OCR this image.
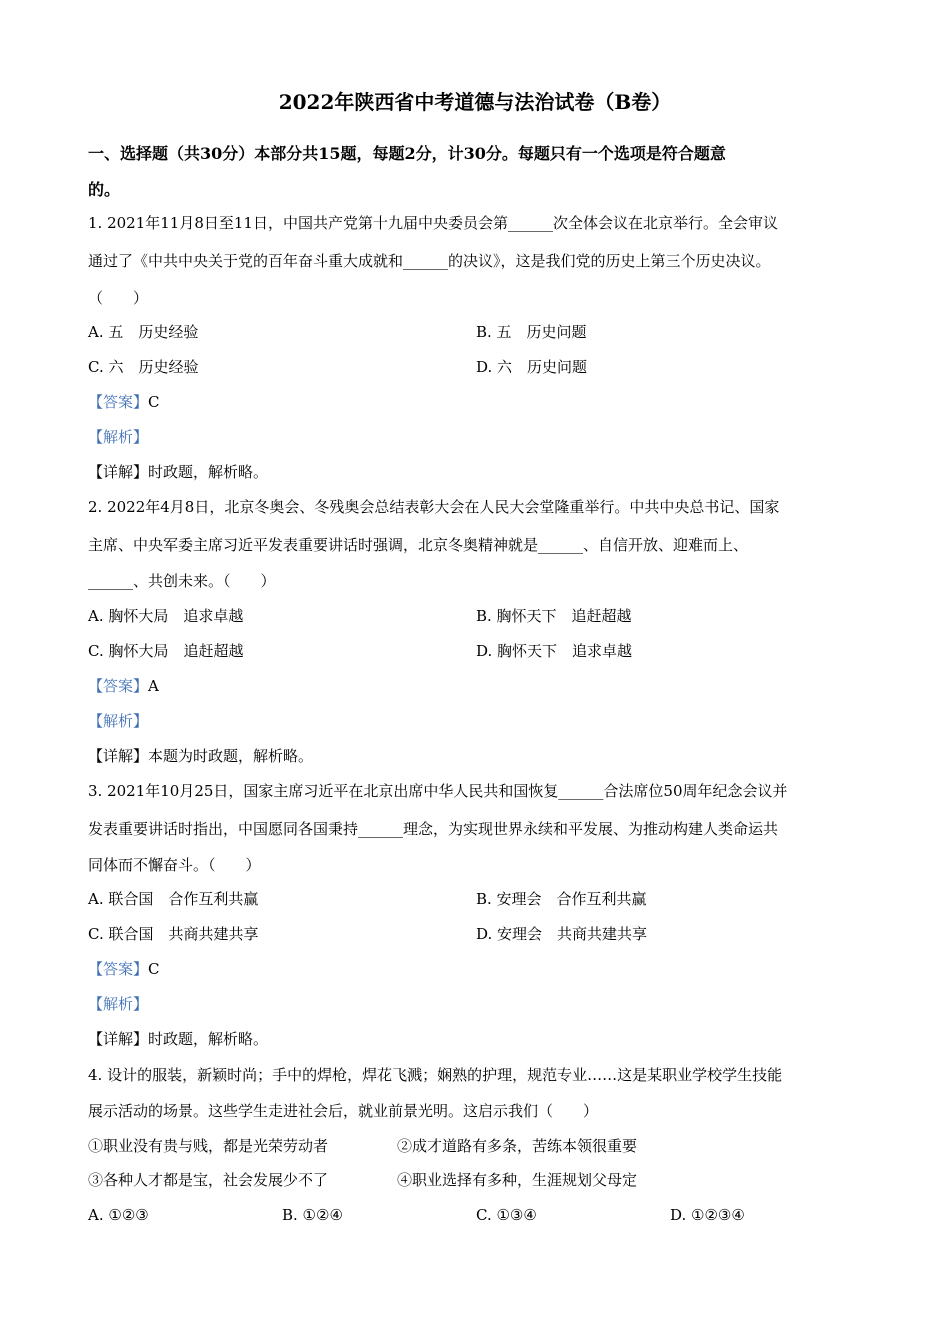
2022年陕西省中考道德与法治试卷（B卷）
一、选择题（共30分）本部分共15题，每题2分，计30分。每题只有一个选项是符合题意
的。
1. 2021年11月8日至11日，中国共产党第十九届中央委员会第______次全体会议在北京举行。全会审议
通过了《中共中央关于党的百年奋斗重大成就和______的决议》，这是我们党的历史上第三个历史决议。
（　　）
A. 五　历史经验	B. 五　历史问题
C. 六　历史经验	D. 六　历史问题
【答案】C
【解析】
【详解】时政题，解析略。
2. 2022年4月8日，北京冬奥会、冬残奥会总结表彰大会在人民大会堂隆重举行。中共中央总书记、国家
主席、中央军委主席习近平发表重要讲话时强调，北京冬奥精神就是______、自信开放、迎难而上、
______、共创未来。（　　）
A. 胸怀大局　追求卓越	B. 胸怀天下　追赶超越
C. 胸怀大局　追赶超越	D. 胸怀天下　追求卓越
【答案】A
【解析】
【详解】本题为时政题，解析略。
3. 2021年10月25日，国家主席习近平在北京出席中华人民共和国恢复______合法席位50周年纪念会议并
发表重要讲话时指出，中国愿同各国秉持______理念，为实现世界永续和平发展、为推动构建人类命运共
同体而不懈奋斗。（　　）
A. 联合国　合作互利共赢	B. 安理会　合作互利共赢
C. 联合国　共商共建共享	D. 安理会　共商共建共享
【答案】C
【解析】
【详解】时政题，解析略。
4. 设计的服装，新颖时尚；手中的焊枪，焊花飞溅；娴熟的护理，规范专业……这是某职业学校学生技能
展示活动的场景。这些学生走进社会后，就业前景光明。这启示我们（　　）
①职业没有贵与贱，都是光荣劳动者	②成才道路有多条，苦练本领很重要
③各种人才都是宝，社会发展少不了	④职业选择有多种，生涯规划父母定
A. ①②③	B. ①②④	C. ①③④	D. ①②③④
